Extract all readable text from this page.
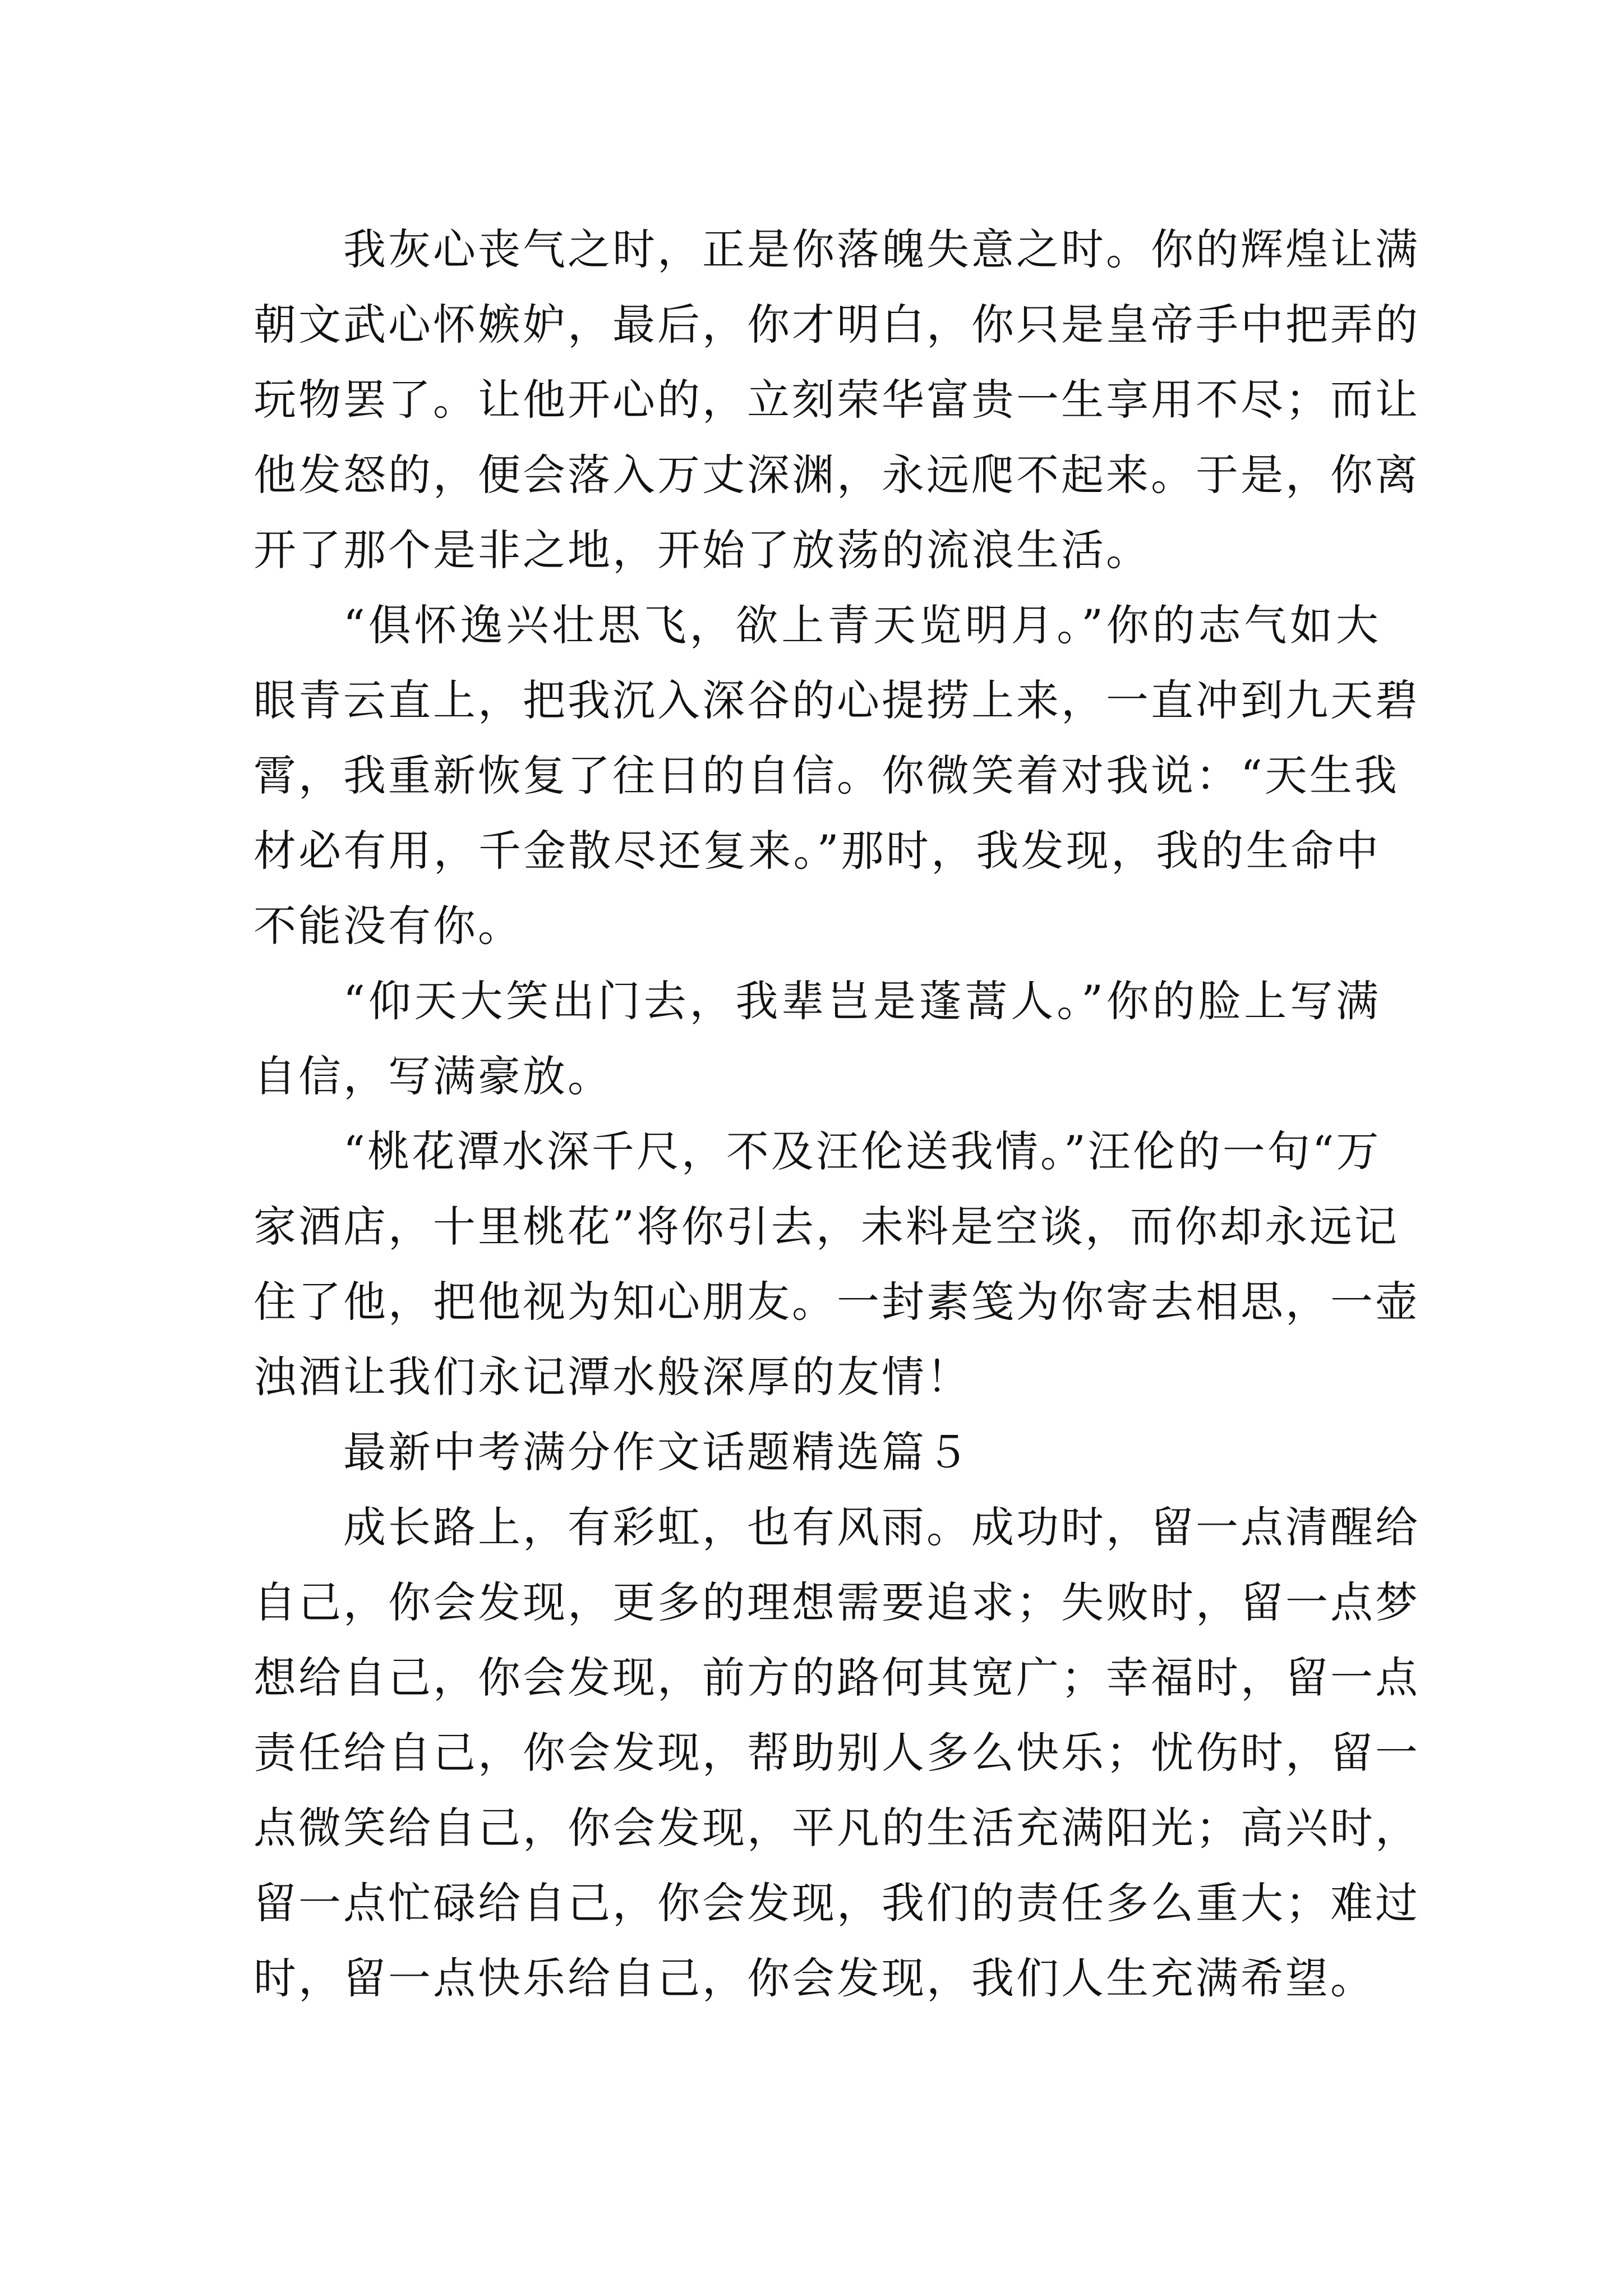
我灰心丧气之时，正是你落魄失意之时。你的辉煌让满
朝文武心怀嫉妒，最后，你才明白，你只是皇帝手中把弄的
玩物罢了。让他开心的，立刻荣华富贵一生享用不尽；而让
他发怒的，便会落入万丈深渊，永远爬不起来。于是，你离
开了那个是非之地，开始了放荡的流浪生活。
“俱怀逸兴壮思飞，欲上青天览明月。”你的志气如大
眼青云直上，把我沉入深谷的心提捞上来，一直冲到九天碧
霄，我重新恢复了往日的自信。你微笑着对我说：“天生我
材必有用，千金散尽还复来。”那时，我发现，我的生命中
不能没有你。
“仰天大笑出门去，我辈岂是蓬蒿人。”你的脸上写满
自信，写满豪放。
“桃花潭水深千尺，不及汪伦送我情。”汪伦的一句“万
家酒店，十里桃花”将你引去，未料是空谈，而你却永远记
住了他，把他视为知心朋友。一封素笺为你寄去相思，一壶
浊酒让我们永记潭水般深厚的友情！
最新中考满分作文话题精选篇５
成长路上，有彩虹，也有风雨。成功时，留一点清醒给
自己，你会发现，更多的理想需要追求；失败时，留一点梦
想给自己，你会发现，前方的路何其宽广；幸福时，留一点
责任给自己，你会发现，帮助别人多么快乐；忧伤时，留一
点微笑给自己，你会发现，平凡的生活充满阳光；高兴时，
留一点忙碌给自己，你会发现，我们的责任多么重大；难过
时，留一点快乐给自己，你会发现，我们人生充满希望。
